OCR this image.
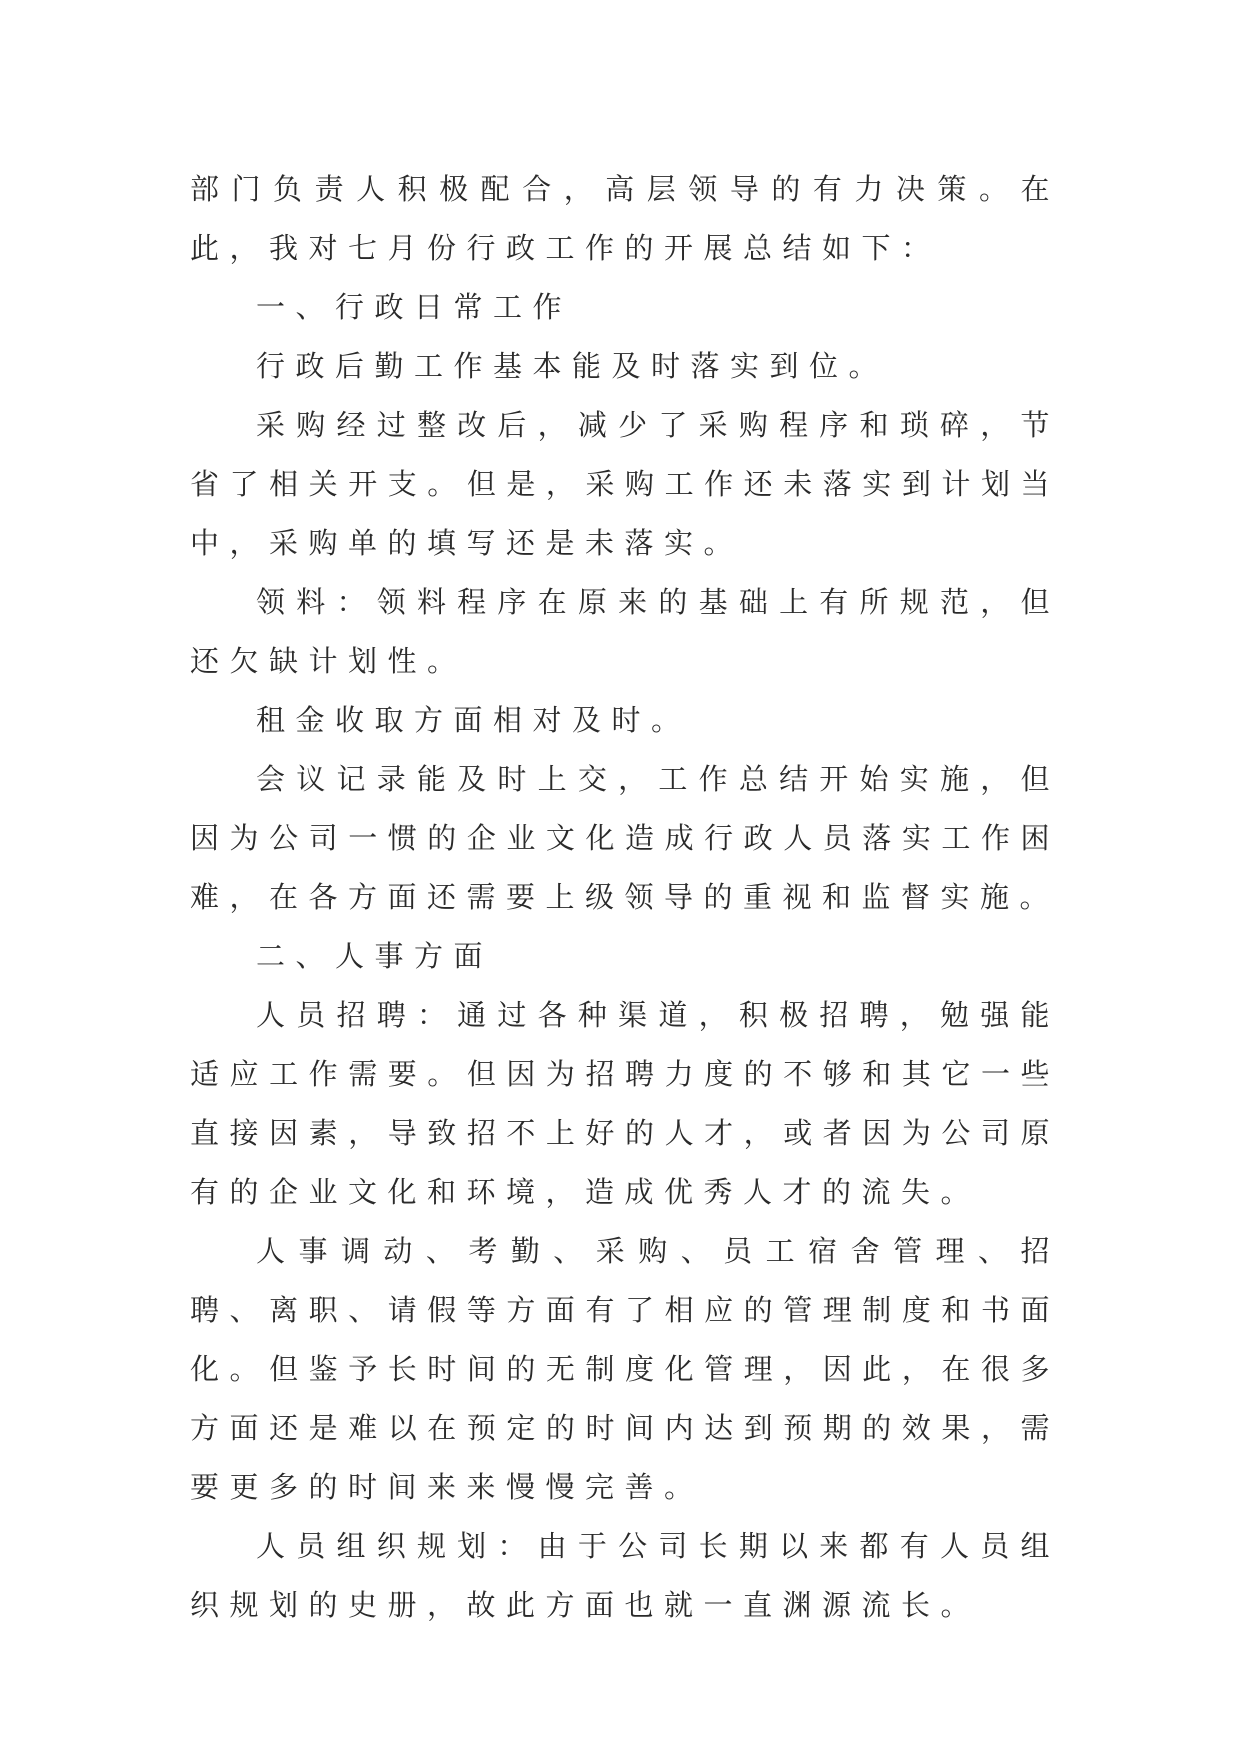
部门负责人积极配合，高层领导的有力决策。在此，我对七月份行政工作的开展总结如下：

一、行政日常工作

行政后勤工作基本能及时落实到位。

采购经过整改后，减少了采购程序和琐碎，节省了相关开支。但是，采购工作还未落实到计划当中，采购单的填写还是未落实。

领料：领料程序在原来的基础上有所规范，但还欠缺计划性。

租金收取方面相对及时。

会议记录能及时上交，工作总结开始实施，但因为公司一惯的企业文化造成行政人员落实工作困难，在各方面还需要上级领导的重视和监督实施。

二、人事方面

人员招聘：通过各种渠道，积极招聘，勉强能适应工作需要。但因为招聘力度的不够和其它一些直接因素，导致招不上好的人才，或者因为公司原有的企业文化和环境，造成优秀人才的流失。

人事调动、考勤、采购、员工宿舍管理、招聘、离职、请假等方面有了相应的管理制度和书面化。但鉴予长时间的无制度化管理，因此，在很多方面还是难以在预定的时间内达到预期的效果，需要更多的时间来来慢慢完善。

人员组织规划：由于公司长期以来都有人员组织规划的史册，故此方面也就一直渊源流长。
